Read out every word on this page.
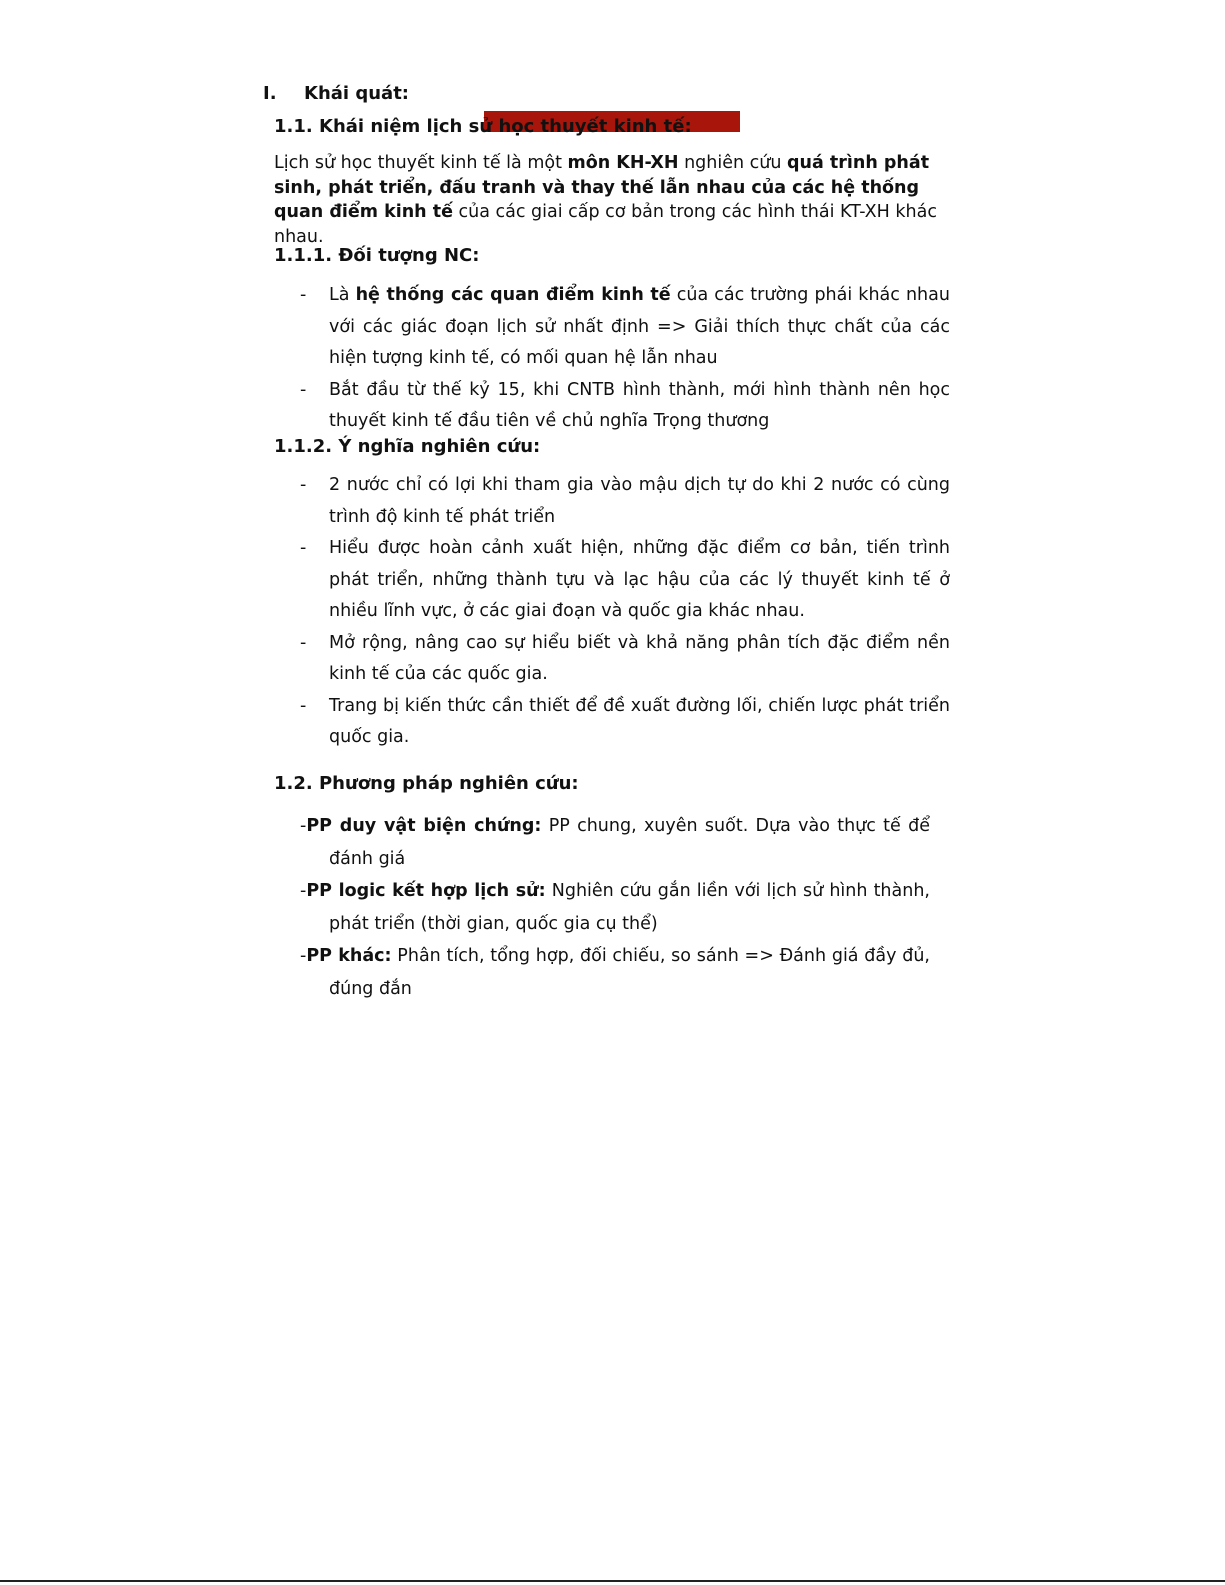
I. Khái quát:
1.1. Khái niệm lịch sử học thuyết kinh tế:
Lịch sử học thuyết kinh tế là một môn KH-XH nghiên cứu quá trình phát sinh, phát triển, đấu tranh và thay thế lẫn nhau của các hệ thống quan điểm kinh tế của các giai cấp cơ bản trong các hình thái KT-XH khác nhau.
1.1.1. Đối tượng NC:
- Là hệ thống các quan điểm kinh tế của các trường phái khác nhau với các giác đoạn lịch sử nhất định => Giải thích thực chất của các hiện tượng kinh tế, có mối quan hệ lẫn nhau
- Bắt đầu từ thế kỷ 15, khi CNTB hình thành, mới hình thành nên học thuyết kinh tế đầu tiên về chủ nghĩa Trọng thương
1.1.2. Ý nghĩa nghiên cứu:
- 2 nước chỉ có lợi khi tham gia vào mậu dịch tự do khi 2 nước có cùng trình độ kinh tế phát triển
- Hiểu được hoàn cảnh xuất hiện, những đặc điểm cơ bản, tiến trình phát triển, những thành tựu và lạc hậu của các lý thuyết kinh tế ở nhiều lĩnh vực, ở các giai đoạn và quốc gia khác nhau.
- Mở rộng, nâng cao sự hiểu biết và khả năng phân tích đặc điểm nền kinh tế của các quốc gia.
- Trang bị kiến thức cần thiết để đề xuất đường lối, chiến lược phát triển quốc gia.
1.2. Phương pháp nghiên cứu:
-PP duy vật biện chứng: PP chung, xuyên suốt. Dựa vào thực tế để đánh giá
-PP logic kết hợp lịch sử: Nghiên cứu gắn liền với lịch sử hình thành, phát triển (thời gian, quốc gia cụ thể)
-PP khác: Phân tích, tổng hợp, đối chiếu, so sánh => Đánh giá đầy đủ, đúng đắn
